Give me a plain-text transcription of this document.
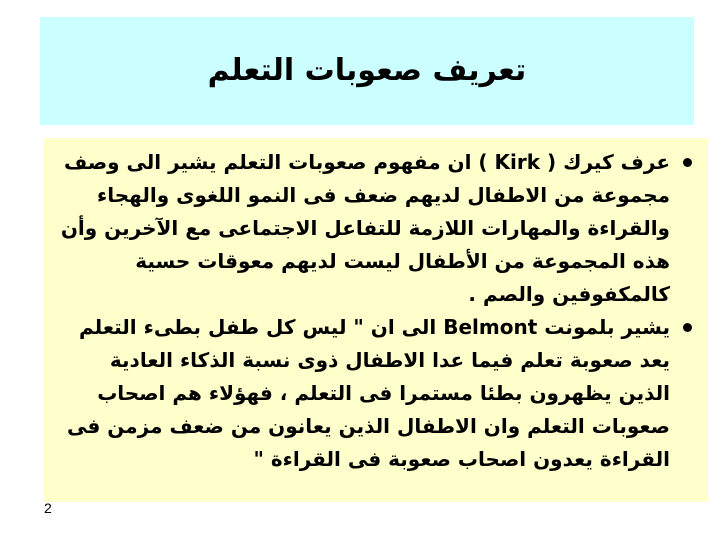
تعريف صعوبات التعلم
عرف كيرك ( Kirk ) ان مفهوم صعوبات التعلم يشير الى وصف مجموعة من الاطفال لديهم ضعف فى النمو اللغوى والهجاء والقراءة والمهارات اللازمة للتفاعل الاجتماعى مع الآخرين وأن هذه المجموعة من الأطفال ليست لديهم معوقات حسية كالمكفوفين والصم .
يشير بلمونت Belmont الى ان " ليس كل طفل بطىء التعلم يعد صعوبة تعلم فيما عدا الاطفال ذوى نسبة الذكاء العادية الذين يظهرون بطئا مستمرا فى التعلم ، فهؤلاء هم اصحاب صعوبات التعلم وان الاطفال الذين يعانون من ضعف مزمن فى القراءة يعدون اصحاب صعوبة فى القراءة "
2
